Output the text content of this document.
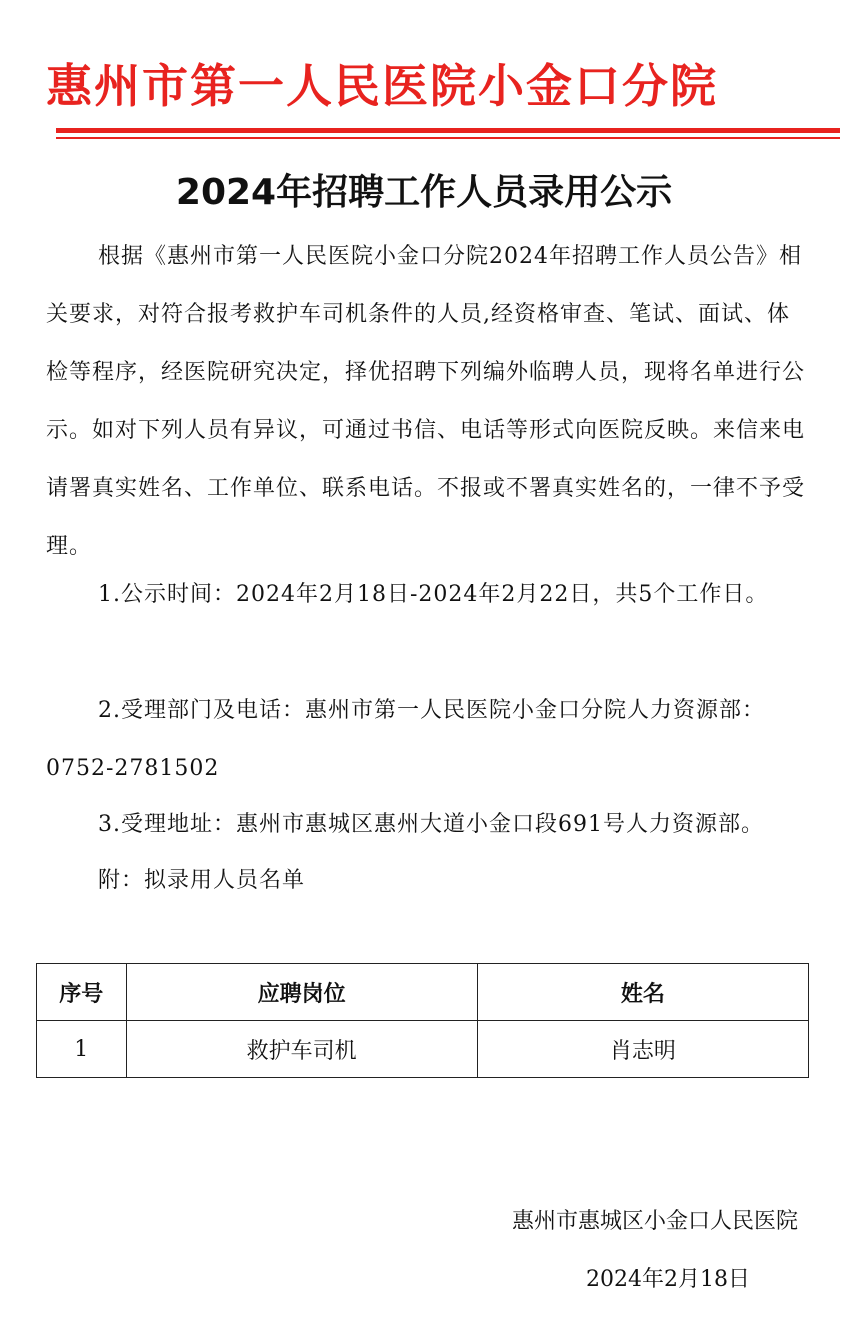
惠州市第一人民医院小金口分院
2024年招聘工作人员录用公示
根据《惠州市第一人民医院小金口分院2024年招聘工作人员公告》相关要求，对符合报考救护车司机条件的人员,经资格审查、笔试、面试、体检等程序，经医院研究决定，择优招聘下列编外临聘人员，现将名单进行公示。如对下列人员有异议，可通过书信、电话等形式向医院反映。来信来电请署真实姓名、工作单位、联系电话。不报或不署真实姓名的，一律不予受理。
1.公示时间：2024年2月18日-2024年2月22日，共5个工作日。
2.受理部门及电话：惠州市第一人民医院小金口分院人力资源部：0752-2781502
3.受理地址：惠州市惠城区惠州大道小金口段691号人力资源部。
附：拟录用人员名单
序号	应聘岗位	姓名
1	救护车司机	肖志明
惠州市惠城区小金口人民医院
2024年2月18日
